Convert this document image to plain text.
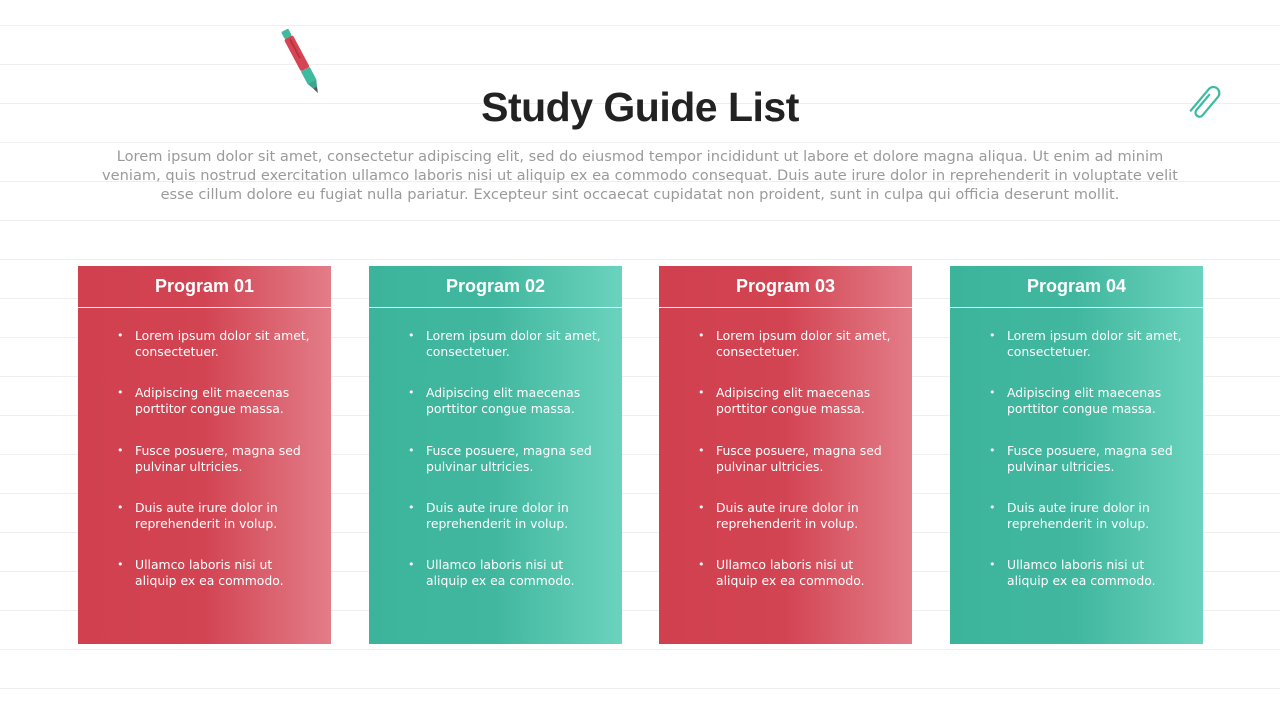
Study Guide List
Lorem ipsum dolor sit amet, consectetur adipiscing elit, sed do eiusmod tempor incididunt ut labore et dolore magna aliqua. Ut enim ad minim veniam, quis nostrud exercitation ullamco laboris nisi ut aliquip ex ea commodo consequat. Duis aute irure dolor in reprehenderit in voluptate velit esse cillum dolore eu fugiat nulla pariatur. Excepteur sint occaecat cupidatat non proident, sunt in culpa qui officia deserunt mollit.
Program 01
• Lorem ipsum dolor sit amet, consectetuer.
• Adipiscing elit maecenas porttitor congue massa.
• Fusce posuere, magna sed pulvinar ultricies.
• Duis aute irure dolor in reprehenderit in volup.
• Ullamco laboris nisi ut aliquip ex ea commodo.
Program 02
• Lorem ipsum dolor sit amet, consectetuer.
• Adipiscing elit maecenas porttitor congue massa.
• Fusce posuere, magna sed pulvinar ultricies.
• Duis aute irure dolor in reprehenderit in volup.
• Ullamco laboris nisi ut aliquip ex ea commodo.
Program 03
• Lorem ipsum dolor sit amet, consectetuer.
• Adipiscing elit maecenas porttitor congue massa.
• Fusce posuere, magna sed pulvinar ultricies.
• Duis aute irure dolor in reprehenderit in volup.
• Ullamco laboris nisi ut aliquip ex ea commodo.
Program 04
• Lorem ipsum dolor sit amet, consectetuer.
• Adipiscing elit maecenas porttitor congue massa.
• Fusce posuere, magna sed pulvinar ultricies.
• Duis aute irure dolor in reprehenderit in volup.
• Ullamco laboris nisi ut aliquip ex ea commodo.
